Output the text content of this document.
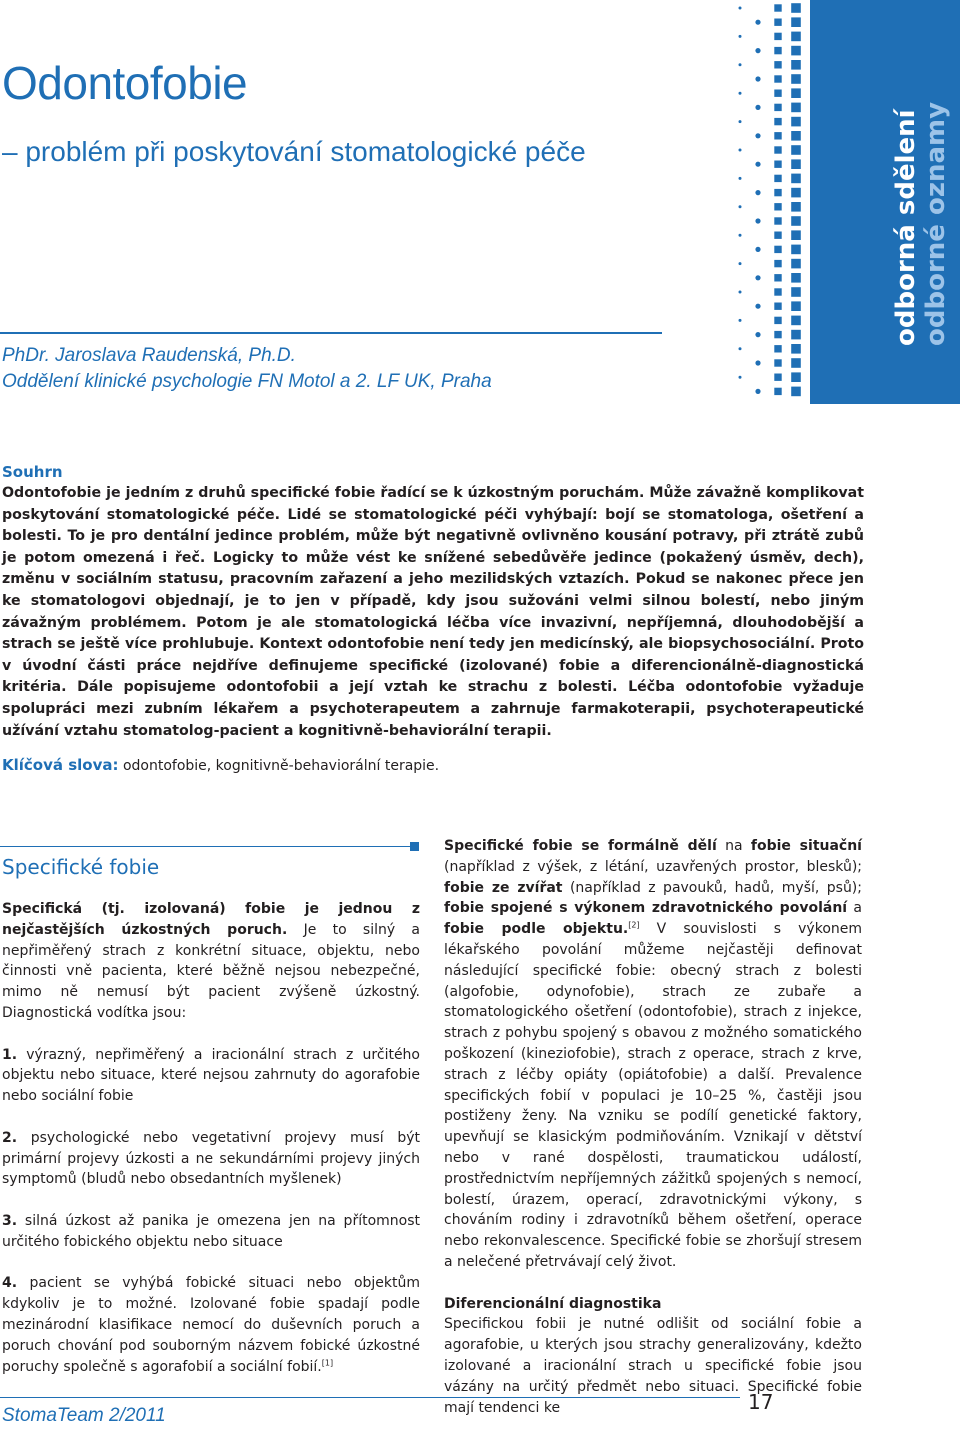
Odontofobie
– problém při poskytování stomatologické péče
PhDr. Jaroslava Raudenská, Ph.D.
Oddělení klinické psychologie FN Motol a 2. LF UK, Praha
odborná sdělení odborné oznamy
Souhrn

Odontofobie je jedním z druhů specifické fobie řadící se k úzkostným poruchám. Může závažně komplikovat poskytování stomatologické péče. Lidé se stomatologické péči vyhýbají: bojí se stomatologa, ošetření a bolesti. To je pro dentální jedince problém, může být negativně ovlivněno kousání potravy, při ztrátě zubů je potom omezená i řeč. Logicky to může vést ke snížené sebedůvěře jedince (pokažený úsměv, dech), změnu v sociálním statusu, pracovním zařazení a jeho mezilidských vztazích. Pokud se nakonec přece jen ke stomatologovi objednají, je to jen v případě, kdy jsou sužováni velmi silnou bolestí, nebo jiným závažným problémem. Potom je ale stomatologická léčba více invazivní, nepříjemná, dlouhodobější a strach se ještě více prohlubuje. Kontext odontofobie není tedy jen medicínský, ale biopsychosociální. Proto v úvodní části práce nejdříve definujeme specifické (izolované) fobie a diferencionálně-diagnostická kritéria. Dále popisujeme odontofobii a její vztah ke strachu z bolesti. Léčba odontofobie vyžaduje spolupráci mezi zubním lékařem a psychoterapeutem a zahrnuje farmakoterapii, psychoterapeutické užívání vztahu stomatolog-pacient a kognitivně-behaviorální terapii.

Klíčová slova: odontofobie, kognitivně-behaviorální terapie.
Specifické fobie

Specifická (tj. izolovaná) fobie je jednou z nejčastějších úzkostných poruch. Je to silný a nepřiměřený strach z konkrétní situace, objektu, nebo činnosti vně pacienta, které běžně nejsou nebezpečné, mimo ně nemusí být pacient zvýšeně úzkostný. Diagnostická vodítka jsou:

1. výrazný, nepřiměřený a iracionální strach z určitého objektu nebo situace, které nejsou zahrnuty do agorafobie nebo sociální fobie

2. psychologické nebo vegetativní projevy musí být primární projevy úzkosti a ne sekundárními projevy jiných symptomů (bludů nebo obsedantních myšlenek)

3. silná úzkost až panika je omezena jen na přítomnost určitého fobického objektu nebo situace

4. pacient se vyhýbá fobické situaci nebo objektům kdykoliv je to možné. Izolované fobie spadají podle mezinárodní klasifikace nemocí do duševních poruch a poruch chování pod souborným názvem fobické úzkostné poruchy společně s agorafobií a sociální fobií.[1]

Specifické fobie se formálně dělí na fobie situační (například z výšek, z létání, uzavřených prostor, blesků); fobie ze zvířat (například z pavouků, hadů, myší, psů); fobie spojené s výkonem zdravotnického povolání a fobie podle objektu.[2] V souvislosti s výkonem lékařského povolání můžeme nejčastěji definovat následující specifické fobie: obecný strach z bolesti (algofobie, odynofobie), strach ze zubaře a stomatologického ošetření (odontofobie), strach z injekce, strach z pohybu spojený s obavou z možného somatického poškození (kineziofobie), strach z operace, strach z krve, strach z léčby opiáty (opiátofobie) a další. Prevalence specifických fobií v populaci je 10–25 %, častěji jsou postiženy ženy. Na vzniku se podílí genetické faktory, upevňují se klasickým podmiňováním. Vznikají v dětství nebo v rané dospělosti, traumatickou událostí, prostřednictvím nepříjemných zážitků spojených s nemocí, bolestí, úrazem, operací, zdravotnickými výkony, s chováním rodiny i zdravotníků během ošetření, operace nebo rekonvalescence. Specifické fobie se zhoršují stresem a nelečené přetrvávají celý život.

Diferencionální diagnostika

Specifickou fobii je nutné odlišit od sociální fobie a agorafobie, u kterých jsou strachy generalizovány, kdežto izolované a iracionální strach u specifické fobie jsou vázány na určitý předmět nebo situaci. Specifické fobie mají tendenci ke

StomaTeam 2/2011
17
